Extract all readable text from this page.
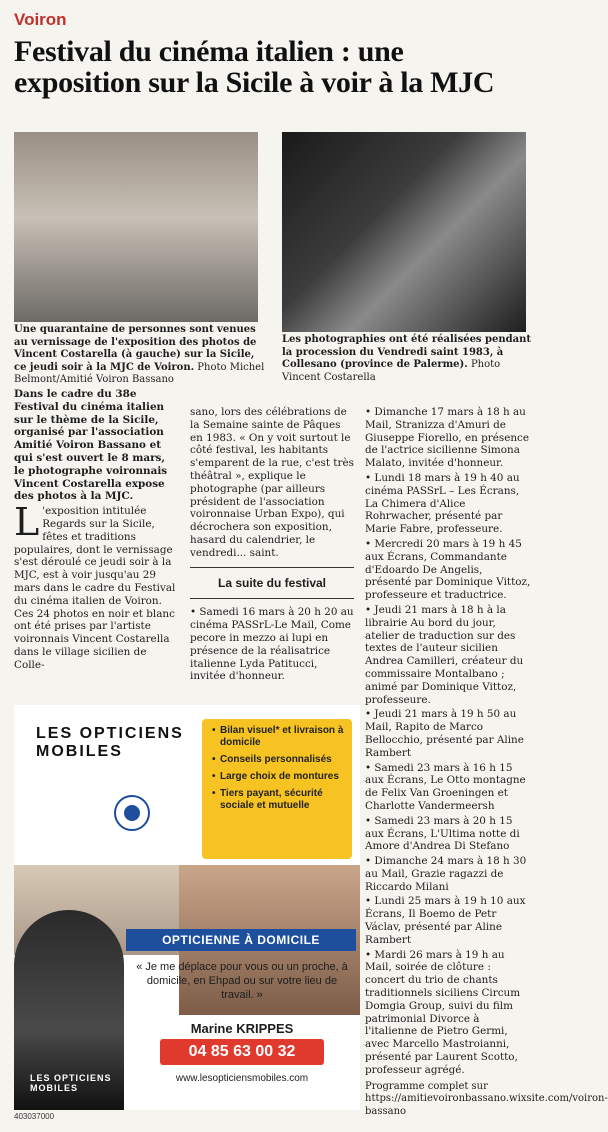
Voiron
Festival du cinéma italien : une exposition sur la Sicile à voir à la MJC
Une quarantaine de personnes sont venues au vernissage de l'exposition des photos de Vincent Costarella (à gauche) sur la Sicile, ce jeudi soir à la MJC de Voiron. Photo Michel Belmont/Amitié Voiron Bassano
Les photographies ont été réalisées pendant la procession du Vendredi saint 1983, à Collesano (province de Palerme). Photo Vincent Costarella

Dans le cadre du 38e Festival du cinéma italien sur le thème de la Sicile, organisé par l'association Amitié Voiron Bassano et qui s'est ouvert le 8 mars, le photographe voironnais Vincent Costarella expose des photos à la MJC.

L 'exposition intitulée Regards sur la Sicile, fêtes et traditions populaires, dont le vernissage s'est déroulé ce jeudi soir à la MJC, est à voir jusqu'au 29 mars dans le cadre du Festival du cinéma italien de Voiron. Ces 24 photos en noir et blanc ont été prises par l'artiste voironnais Vincent Costarella dans le village sicilien de Colle-

sano, lors des célébrations de la Semaine sainte de Pâques en 1983. « On y voit surtout le côté festival, les habitants s'emparent de la rue, c'est très théâtral », explique le photographe (par ailleurs président de l'association voironnaise Urban Expo), qui décrochera son exposition, hasard du calendrier, le vendredi... saint.

La suite du festival

• Samedi 16 mars à 20 h 20 au cinéma PASSrL-Le Mail, Come pecore in mezzo ai lupi en présence de la réalisatrice italienne Lyda Patitucci, invitée d'honneur.

• Dimanche 17 mars à 18 h au Mail, Stranizza d'Amuri de Giuseppe Fiorello, en présence de l'actrice sicilienne Simona Malato, invitée d'honneur.

• Lundi 18 mars à 19 h 40 au cinéma PASSrL – Les Écrans, La Chimera d'Alice Rohrwacher, présenté par Marie Fabre, professeure.

• Mercredi 20 mars à 19 h 45 aux Écrans, Commandante d'Edoardo De Angelis, présenté par Dominique Vittoz, professeure et traductrice.

• Jeudi 21 mars à 18 h à la librairie Au bord du jour, atelier de traduction sur des textes de l'auteur sicilien Andrea Camilleri, créateur du commissaire Montalbano ; animé par Dominique Vittoz, professeure.

• Jeudi 21 mars à 19 h 50 au Mail, Rapito de Marco Bellocchio, présenté par Aline Rambert

• Samedi 23 mars à 16 h 15 aux Écrans, Le Otto montagne de Felix Van Groeningen et Charlotte Vandermeersh

• Samedi 23 mars à 20 h 15 aux Écrans, L'Ultima notte di Amore d'Andrea Di Stefano

• Dimanche 24 mars à 18 h 30 au Mail, Grazie ragazzi de Riccardo Milani

• Lundi 25 mars à 19 h 10 aux Écrans, Il Boemo de Petr Václav, présenté par Aline Rambert

• Mardi 26 mars à 19 h au Mail, soirée de clôture : concert du trio de chants traditionnels siciliens Circum Domgia Group, suivi du film patrimonial Divorce à l'italienne de Pietro Germi, avec Marcello Mastroianni, présenté par Laurent Scotto, professeur agrégé.

Programme complet sur https://amitievoironbassano.wixsite.com/voiron-bassano

LES OPTICIENS
MOBILES
• Bilan visuel* et livraison à domicile
• Conseils personnalisés
• Large choix de montures
• Tiers payant, sécurité sociale et mutuelle
OPTICIENNE À DOMICILE
« Je me déplace pour vous ou un proche, à domicile, en Ehpad ou sur votre lieu de travail. »
Marine KRIPPES
04 85 63 00 32
www.lesopticiensmobiles.com
LES OPTICIENS
MOBILES
403037000
